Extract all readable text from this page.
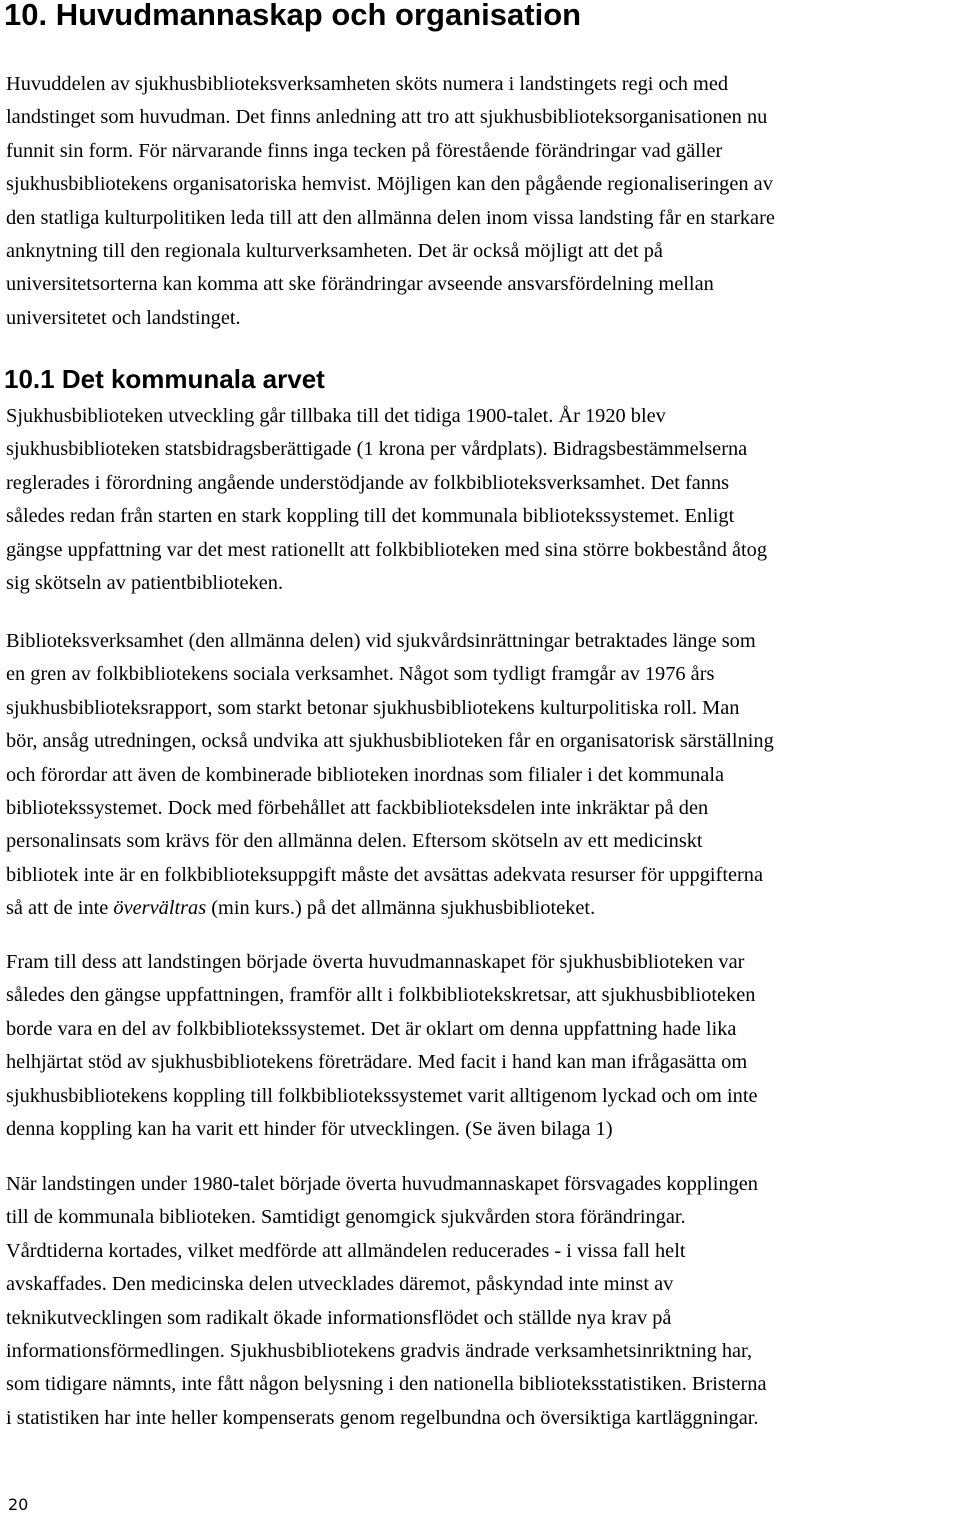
10. Huvudmannaskap och organisation

Huvuddelen av sjukhusbiblioteksverksamheten sköts numera i landstingets regi och med
landstinget som huvudman. Det finns anledning att tro att sjukhusbiblioteksorganisationen nu
funnit sin form. För närvarande finns inga tecken på förestående förändringar vad gäller
sjukhusbibliotekens organisatoriska hemvist. Möjligen kan den pågående regionaliseringen av
den statliga kulturpolitiken leda till att den allmänna delen inom vissa landsting får en starkare
anknytning till den regionala kulturverksamheten. Det är också möjligt att det på
universitetsorterna kan komma att ske förändringar avseende ansvarsfördelning mellan
universitetet och landstinget.

10.1 Det kommunala arvet

Sjukhusbiblioteken utveckling går tillbaka till det tidiga 1900-talet. År 1920 blev
sjukhusbiblioteken statsbidragsberättigade (1 krona per vårdplats). Bidragsbestämmelserna
reglerades i förordning angående understödjande av folkbiblioteksverksamhet. Det fanns
således redan från starten en stark koppling till det kommunala bibliotekssystemet. Enligt
gängse uppfattning var det mest rationellt att folkbiblioteken med sina större bokbestånd åtog
sig skötseln av patientbiblioteken.

Biblioteksverksamhet (den allmänna delen) vid sjukvårdsinrättningar betraktades länge som
en gren av folkbibliotekens sociala verksamhet. Något som tydligt framgår av 1976 års
sjukhusbiblioteksrapport, som starkt betonar sjukhusbibliotekens kulturpolitiska roll. Man
bör, ansåg utredningen, också undvika att sjukhusbiblioteken får en organisatorisk särställning
och förordar att även de kombinerade biblioteken inordnas som filialer i det kommunala
bibliotekssystemet. Dock med förbehållet att fackbiblioteksdelen inte inkräktar på den
personalinsats som krävs för den allmänna delen. Eftersom skötseln av ett medicinskt
bibliotek inte är en folkbiblioteksuppgift måste det avsättas adekvata resurser för uppgifterna
så att de inte övervältras (min kurs.) på det allmänna sjukhusbiblioteket.

Fram till dess att landstingen började överta huvudmannaskapet för sjukhusbiblioteken var
således den gängse uppfattningen, framför allt i folkbibliotekskretsar, att sjukhusbiblioteken
borde vara en del av folkbibliotekssystemet. Det är oklart om denna uppfattning hade lika
helhjärtat stöd av sjukhusbibliotekens företrädare. Med facit i hand kan man ifrågasätta om
sjukhusbibliotekens koppling till folkbibliotekssystemet varit alltigenom lyckad och om inte
denna koppling kan ha varit ett hinder för utvecklingen. (Se även bilaga 1)

När landstingen under 1980-talet började överta huvudmannaskapet försvagades kopplingen
till de kommunala biblioteken. Samtidigt genomgick sjukvården stora förändringar.
Vårdtiderna kortades, vilket medförde att allmändelen reducerades - i vissa fall helt
avskaffades. Den medicinska delen utvecklades däremot, påskyndad inte minst av
teknikutvecklingen som radikalt ökade informationsflödet och ställde nya krav på
informationsförmedlingen. Sjukhusbibliotekens gradvis ändrade verksamhetsinriktning har,
som tidigare nämnts, inte fått någon belysning i den nationella biblioteksstatistiken. Bristerna
i statistiken har inte heller kompenserats genom regelbundna och översiktiga kartläggningar.

20
